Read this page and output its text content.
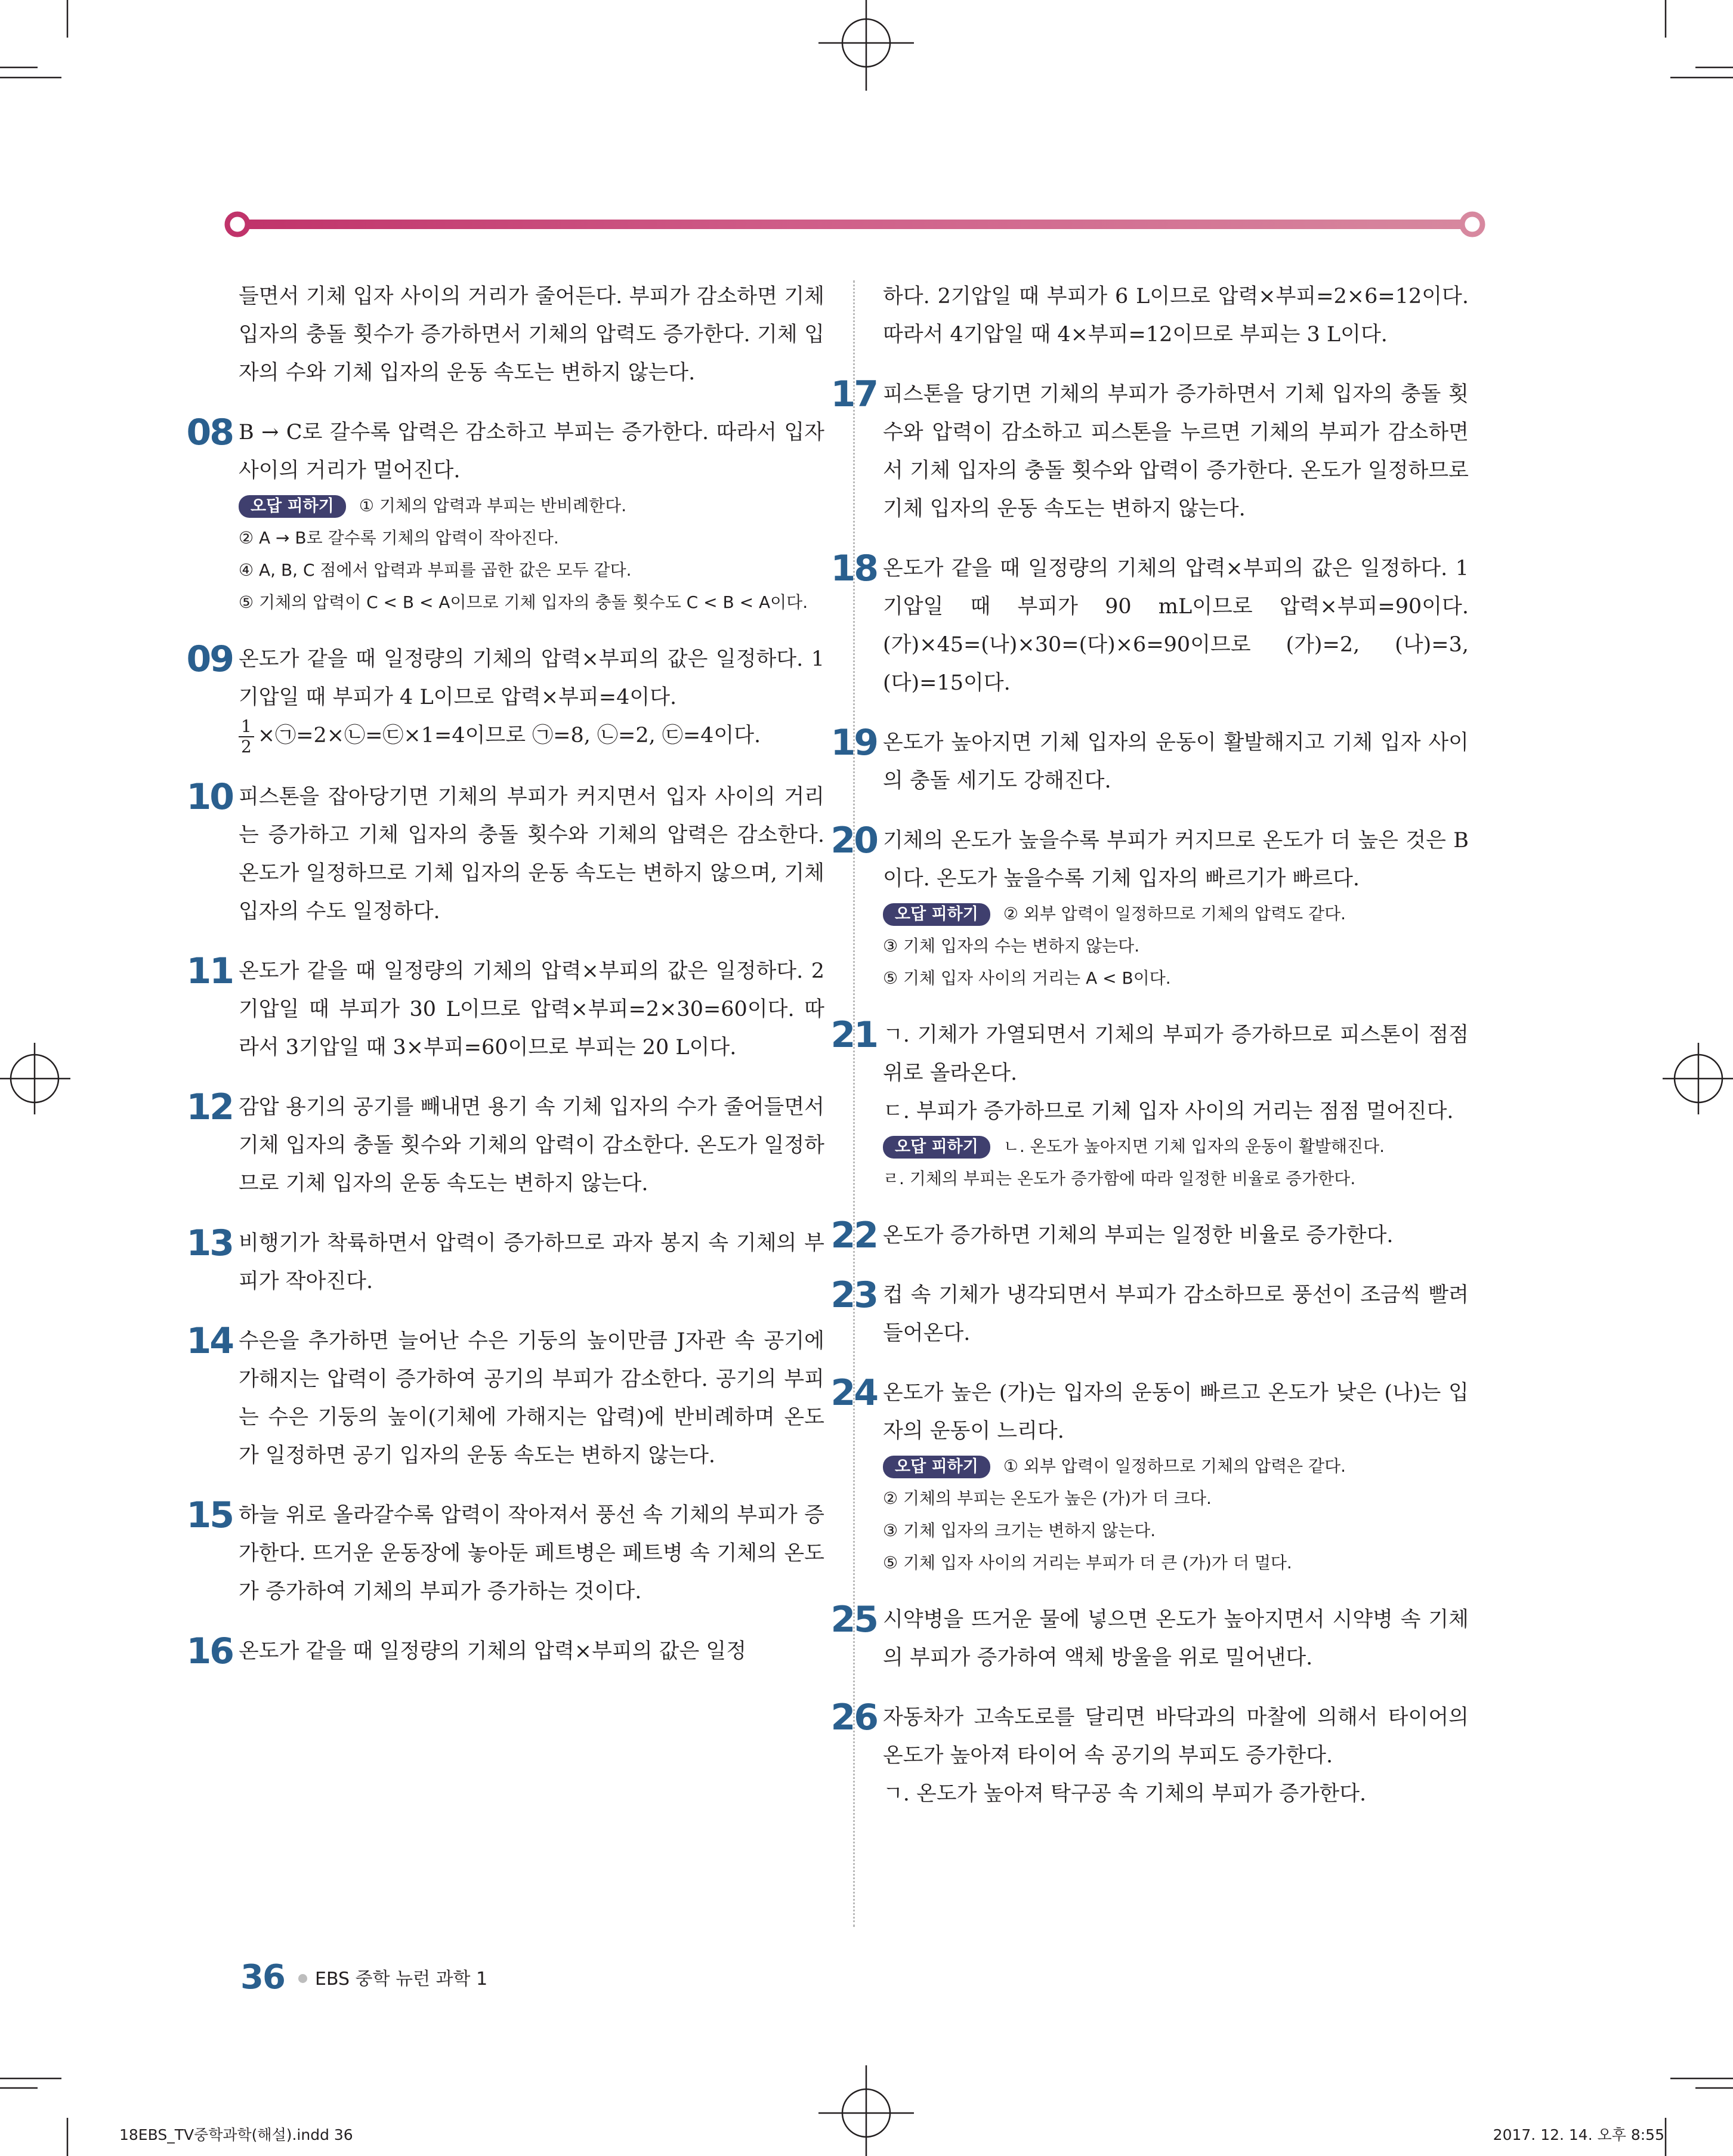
들면서 기체 입자 사이의 거리가 줄어든다. 부피가 감소하면 기체 입자의 충돌 횟수가 증가하면서 기체의 압력도 증가한다. 기체 입자의 수와 기체 입자의 운동 속도는 변하지 않는다.

08 B → C로 갈수록 압력은 감소하고 부피는 증가한다. 따라서 입자 사이의 거리가 멀어진다.

오답 피하기 ① 기체의 압력과 부피는 반비례한다.

② A → B로 갈수록 기체의 압력이 작아진다.

④ A, B, C 점에서 압력과 부피를 곱한 값은 모두 같다.

⑤ 기체의 압력이 C < B < A이므로 기체 입자의 충돌 횟수도 C < B < A이다.

09 온도가 같을 때 일정량의 기체의 압력×부피의 값은 일정하다. 1기압일 때 부피가 4 L이므로 압력×부피=4이다.

$\frac{1}{2}$ ×㉠=2×㉡=㉢×1=4이므로 ㉠=8, ㉡=2, ㉢=4이다.

10 피스톤을 잡아당기면 기체의 부피가 커지면서 입자 사이의 거리는 증가하고 기체 입자의 충돌 횟수와 기체의 압력은 감소한다. 온도가 일정하므로 기체 입자의 운동 속도는 변하지 않으며, 기체 입자의 수도 일정하다.

11 온도가 같을 때 일정량의 기체의 압력×부피의 값은 일정하다. 2기압일 때 부피가 30 L이므로 압력×부피=2×30=60이다. 따라서 3기압일 때 3×부피=60이므로 부피는 20 L이다.

12 감압 용기의 공기를 빼내면 용기 속 기체 입자의 수가 줄어들면서 기체 입자의 충돌 횟수와 기체의 압력이 감소한다. 온도가 일정하므로 기체 입자의 운동 속도는 변하지 않는다.

13 비행기가 착륙하면서 압력이 증가하므로 과자 봉지 속 기체의 부피가 작아진다.

14 수은을 추가하면 늘어난 수은 기둥의 높이만큼 J자관 속 공기에 가해지는 압력이 증가하여 공기의 부피가 감소한다. 공기의 부피는 수은 기둥의 높이(기체에 가해지는 압력)에 반비례하며 온도가 일정하면 공기 입자의 운동 속도는 변하지 않는다.

15 하늘 위로 올라갈수록 압력이 작아져서 풍선 속 기체의 부피가 증가한다. 뜨거운 운동장에 놓아둔 페트병은 페트병 속 기체의 온도가 증가하여 기체의 부피가 증가하는 것이다.

16 온도가 같을 때 일정량의 기체의 압력×부피의 값은 일정

하다. 2기압일 때 부피가 6 L이므로 압력×부피=2×6=12이다. 따라서 4기압일 때 4×부피=12이므로 부피는 3 L이다.

17 피스톤을 당기면 기체의 부피가 증가하면서 기체 입자의 충돌 횟수와 압력이 감소하고 피스톤을 누르면 기체의 부피가 감소하면서 기체 입자의 충돌 횟수와 압력이 증가한다. 온도가 일정하므로 기체 입자의 운동 속도는 변하지 않는다.

18 온도가 같을 때 일정량의 기체의 압력×부피의 값은 일정하다. 1기압일 때 부피가 90 mL이므로 압력×부피=90이다. (가)×45=(나)×30=(다)×6=90이므로 (가)=2, (나)=3, (다)=15이다.

19 온도가 높아지면 기체 입자의 운동이 활발해지고 기체 입자 사이의 충돌 세기도 강해진다.

20 기체의 온도가 높을수록 부피가 커지므로 온도가 더 높은 것은 B이다. 온도가 높을수록 기체 입자의 빠르기가 빠르다.

오답 피하기 ② 외부 압력이 일정하므로 기체의 압력도 같다.

③ 기체 입자의 수는 변하지 않는다.

⑤ 기체 입자 사이의 거리는 A < B이다.

21 ㄱ. 기체가 가열되면서 기체의 부피가 증가하므로 피스톤이 점점 위로 올라온다.

ㄷ. 부피가 증가하므로 기체 입자 사이의 거리는 점점 멀어진다.

오답 피하기 ㄴ. 온도가 높아지면 기체 입자의 운동이 활발해진다.

ㄹ. 기체의 부피는 온도가 증가함에 따라 일정한 비율로 증가한다.

22 온도가 증가하면 기체의 부피는 일정한 비율로 증가한다.

23 컵 속 기체가 냉각되면서 부피가 감소하므로 풍선이 조금씩 빨려 들어온다.

24 온도가 높은 (가)는 입자의 운동이 빠르고 온도가 낮은 (나)는 입자의 운동이 느리다.

오답 피하기 ① 외부 압력이 일정하므로 기체의 압력은 같다.

② 기체의 부피는 온도가 높은 (가)가 더 크다.

③ 기체 입자의 크기는 변하지 않는다.

⑤ 기체 입자 사이의 거리는 부피가 더 큰 (가)가 더 멀다.

25 시약병을 뜨거운 물에 넣으면 온도가 높아지면서 시약병 속 기체의 부피가 증가하여 액체 방울을 위로 밀어낸다.

26 자동차가 고속도로를 달리면 바닥과의 마찰에 의해서 타이어의 온도가 높아져 타이어 속 공기의 부피도 증가한다.

ㄱ. 온도가 높아져 탁구공 속 기체의 부피가 증가한다.

36 EBS 중학 뉴런 과학 1
18EBS_TV중학과학(해설).indd 36	2017. 12. 14. 오후 8:55
